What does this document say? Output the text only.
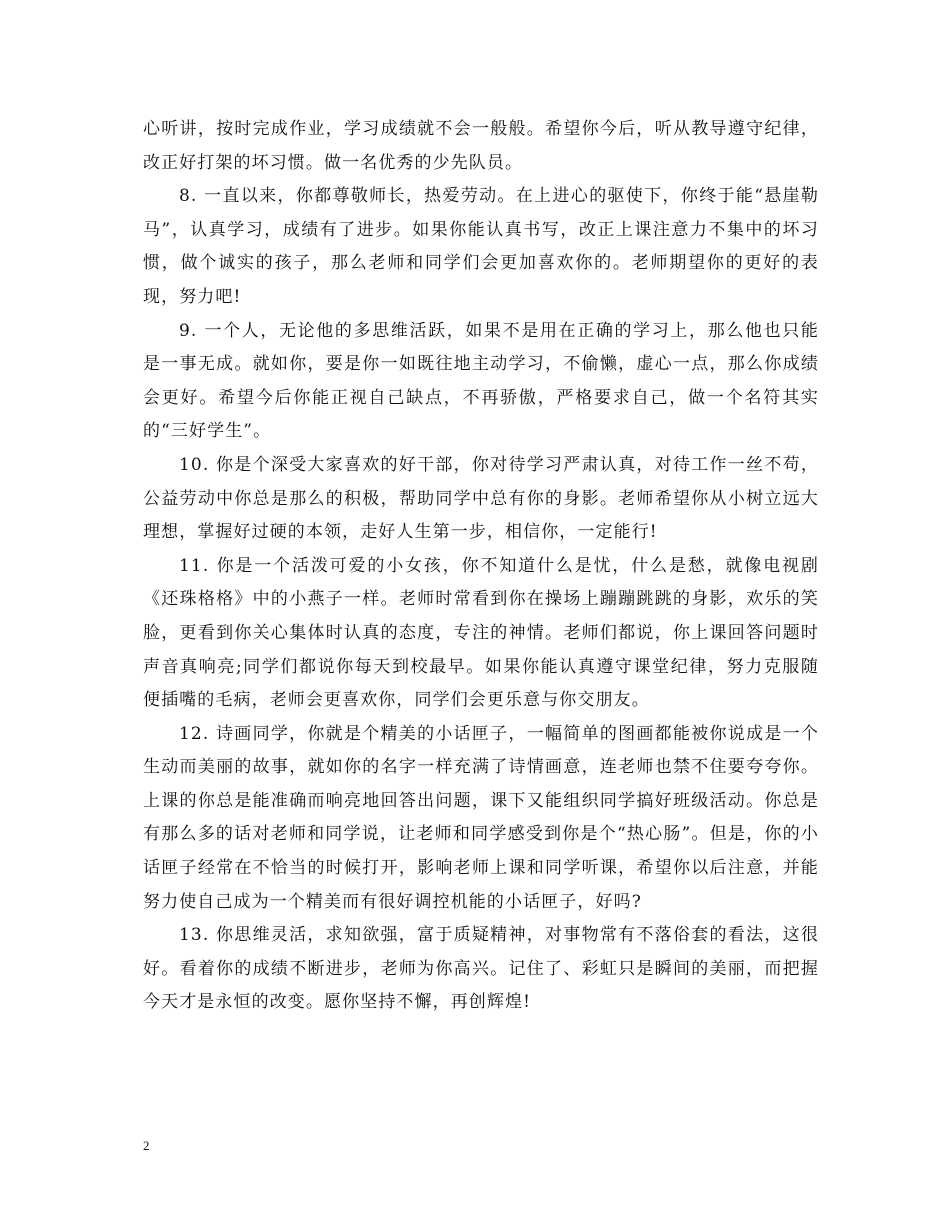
心听讲，按时完成作业，学习成绩就不会一般般。希望你今后，听从教导遵守纪律，改正好打架的坏习惯。做一名优秀的少先队员。

8. 一直以来，你都尊敬师长，热爱劳动。在上进心的驱使下，你终于能“悬崖勒马”，认真学习，成绩有了进步。如果你能认真书写，改正上课注意力不集中的坏习惯，做个诚实的孩子，那么老师和同学们会更加喜欢你的。老师期望你的更好的表现，努力吧!

9. 一个人，无论他的多思维活跃，如果不是用在正确的学习上，那么他也只能是一事无成。就如你，要是你一如既往地主动学习，不偷懒，虚心一点，那么你成绩会更好。希望今后你能正视自己缺点，不再骄傲，严格要求自己，做一个名符其实的“三好学生”。

10. 你是个深受大家喜欢的好干部，你对待学习严肃认真，对待工作一丝不苟，公益劳动中你总是那么的积极，帮助同学中总有你的身影。老师希望你从小树立远大理想，掌握好过硬的本领，走好人生第一步，相信你，一定能行!

11. 你是一个活泼可爱的小女孩，你不知道什么是忧，什么是愁，就像电视剧《还珠格格》中的小燕子一样。老师时常看到你在操场上蹦蹦跳跳的身影，欢乐的笑脸，更看到你关心集体时认真的态度，专注的神情。老师们都说，你上课回答问题时声音真响亮;同学们都说你每天到校最早。如果你能认真遵守课堂纪律，努力克服随便插嘴的毛病，老师会更喜欢你，同学们会更乐意与你交朋友。

12. 诗画同学，你就是个精美的小话匣子，一幅简单的图画都能被你说成是一个生动而美丽的故事，就如你的名字一样充满了诗情画意，连老师也禁不住要夸夸你。上课的你总是能准确而响亮地回答出问题，课下又能组织同学搞好班级活动。你总是有那么多的话对老师和同学说，让老师和同学感受到你是个“热心肠”。但是，你的小话匣子经常在不恰当的时候打开，影响老师上课和同学听课，希望你以后注意，并能努力使自己成为一个精美而有很好调控机能的小话匣子，好吗?

13. 你思维灵活，求知欲强，富于质疑精神，对事物常有不落俗套的看法，这很好。看着你的成绩不断进步，老师为你高兴。记住了、彩虹只是瞬间的美丽，而把握今天才是永恒的改变。愿你坚持不懈，再创辉煌!

2
